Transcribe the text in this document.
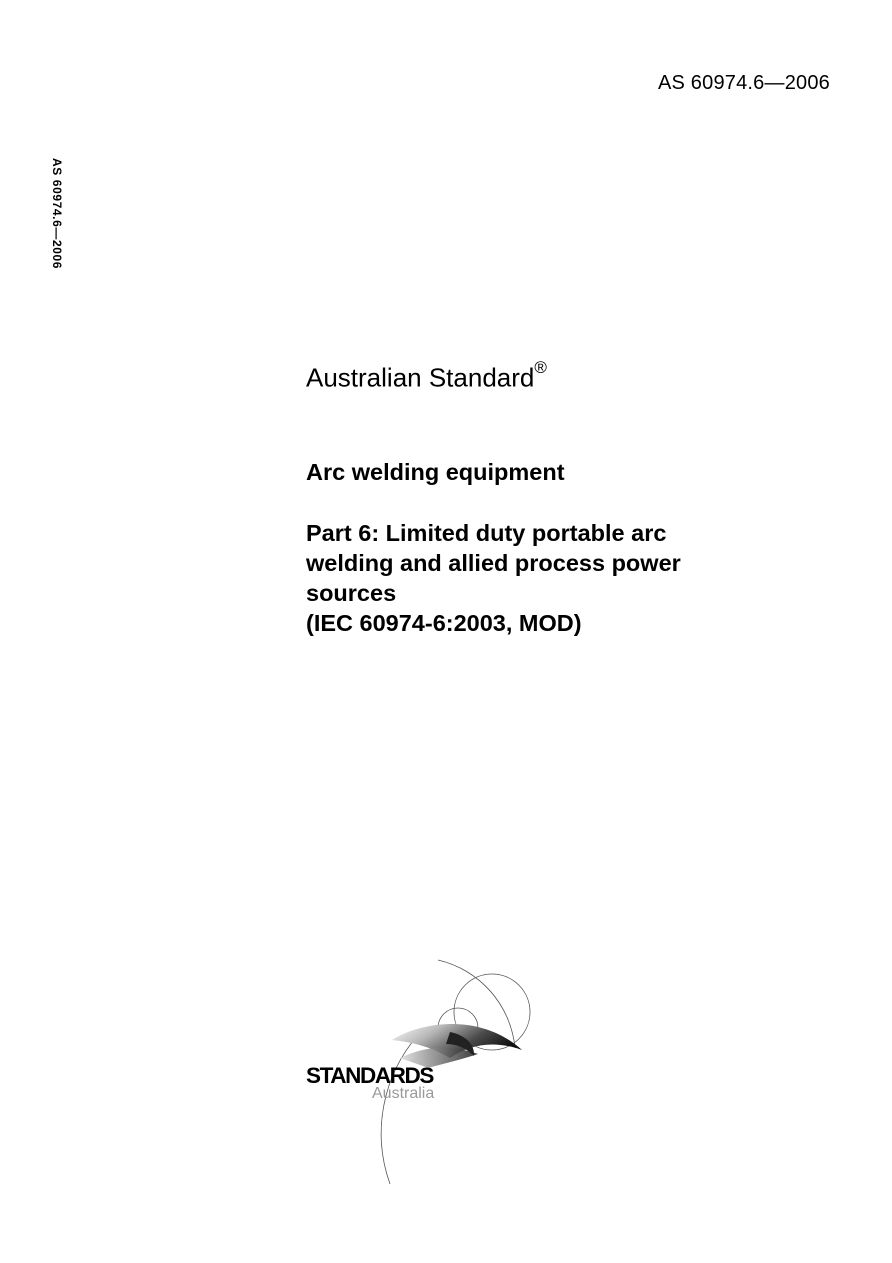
AS 60974.6—2006
AS 60974.6—2006
Australian Standard®
Arc welding equipment
Part 6: Limited duty portable arc
welding and allied process power
sources
(IEC 60974-6:2003, MOD)
STANDARDS
Australia
